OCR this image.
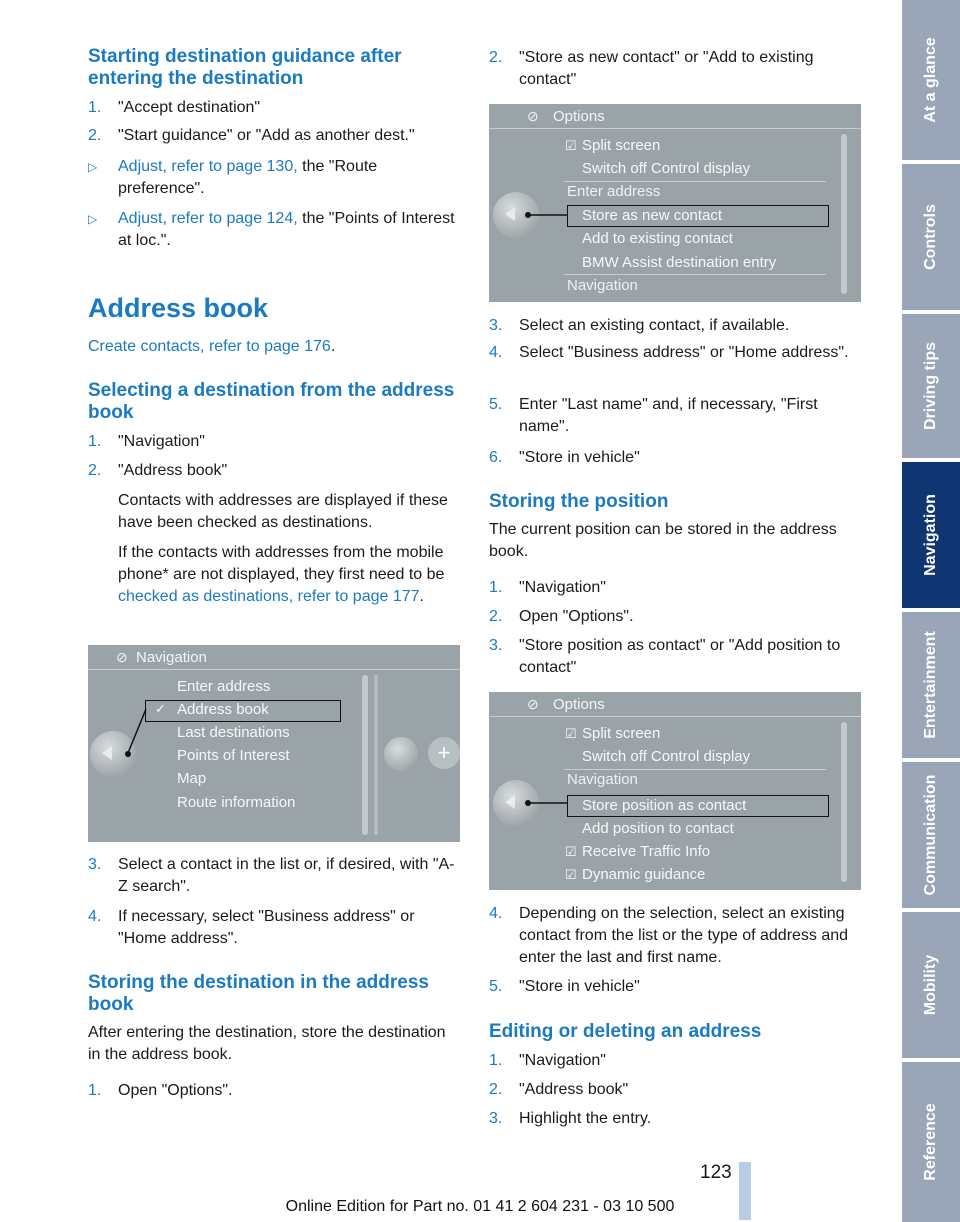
Starting destination guidance after entering the destination
1. "Accept destination"
2. "Start guidance" or "Add as another dest."
▷ Adjust, refer to page 130, the "Route preference".
▷ Adjust, refer to page 124, the "Points of Interest at loc.".
Address book
Create contacts, refer to page 176.
Selecting a destination from the address book
1. "Navigation"
2. "Address book"
Contacts with addresses are displayed if these have been checked as destinations.
If the contacts with addresses from the mobile phone* are not displayed, they first need to be checked as destinations, refer to page 177.
⊘ Navigation
Enter address
✓ Address book
Last destinations
Points of Interest
Map
Route information
+
3. Select a contact in the list or, if desired, with "A-Z search".
4. If necessary, select "Business address" or "Home address".
Storing the destination in the address book
After entering the destination, store the destination in the address book.
1. Open "Options".
2. "Store as new contact" or "Add to existing contact"
⊘ Options
☑ Split screen
Switch off Control display
Enter address
Store as new contact
Add to existing contact
BMW Assist destination entry
Navigation
3. Select an existing contact, if available.
4. Select "Business address" or "Home address".
5. Enter "Last name" and, if necessary, "First name".
6. "Store in vehicle"
Storing the position
The current position can be stored in the address book.
1. "Navigation"
2. Open "Options".
3. "Store position as contact" or "Add position to contact"
⊘ Options
☑ Split screen
Switch off Control display
Navigation
Store position as contact
Add position to contact
☑ Receive Traffic Info
☑ Dynamic guidance
4. Depending on the selection, select an existing contact from the list or the type of address and enter the last and first name.
5. "Store in vehicle"
Editing or deleting an address
1. "Navigation"
2. "Address book"
3. Highlight the entry.
At a glance
Controls
Driving tips
Navigation
Entertainment
Communication
Mobility
Reference
123
Online Edition for Part no. 01 41 2 604 231 - 03 10 500
